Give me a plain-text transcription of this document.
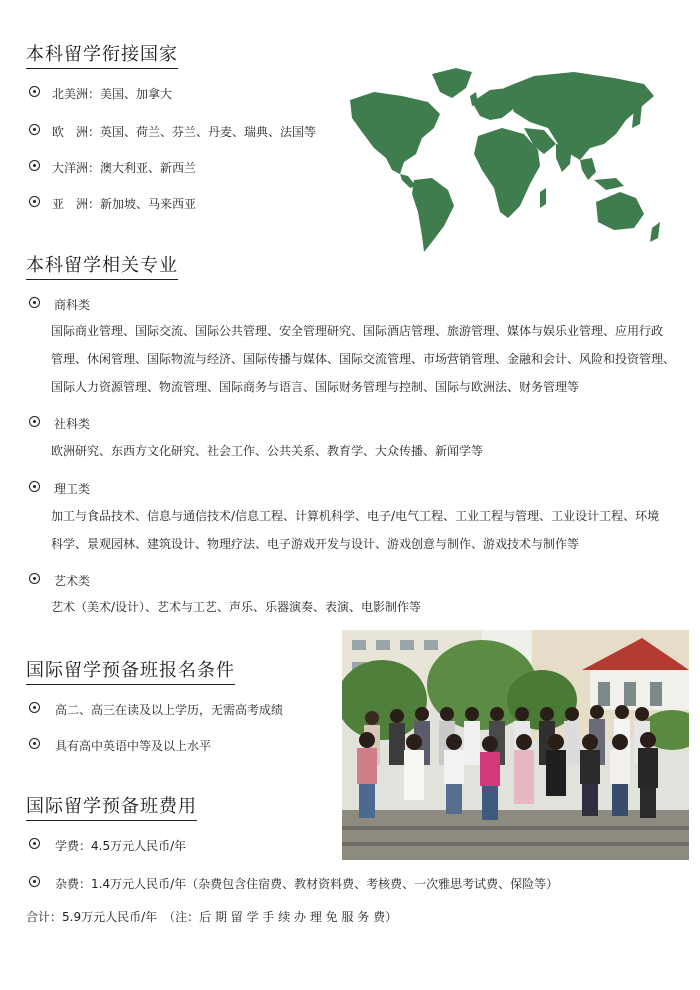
本科留学衔接国家
北美洲：美国、加拿大
欧　洲：英国、荷兰、芬兰、丹麦、瑞典、法国等
大洋洲：澳大利亚、新西兰
亚　洲：新加坡、马来西亚
本科留学相关专业
商科类
国际商业管理、国际交流、国际公共管理、安全管理研究、国际酒店管理、旅游管理、媒体与娱乐业管理、应用行政
管理、休闲管理、国际物流与经济、国际传播与媒体、国际交流管理、市场营销管理、金融和会计、风险和投资管理、
国际人力资源管理、物流管理、国际商务与语言、国际财务管理与控制、国际与欧洲法、财务管理等
社科类
欧洲研究、东西方文化研究、社会工作、公共关系、教育学、大众传播、新闻学等
理工类
加工与食品技术、信息与通信技术/信息工程、计算机科学、电子/电气工程、工业工程与管理、工业设计工程、环境
科学、景观园林、建筑设计、物理疗法、电子游戏开发与设计、游戏创意与制作、游戏技术与制作等
艺术类
艺术（美术/设计）、艺术与工艺、声乐、乐器演奏、表演、电影制作等
国际留学预备班报名条件
高二、高三在读及以上学历，无需高考成绩
具有高中英语中等及以上水平
国际留学预备班费用
学费：4.5万元人民币/年
杂费：1.4万元人民币/年（杂费包含住宿费、教材资料费、考核费、一次雅思考试费、保险等）
合计：5.9万元人民币/年　（注：后 期 留 学 手 续 办 理 免 服 务 费）
